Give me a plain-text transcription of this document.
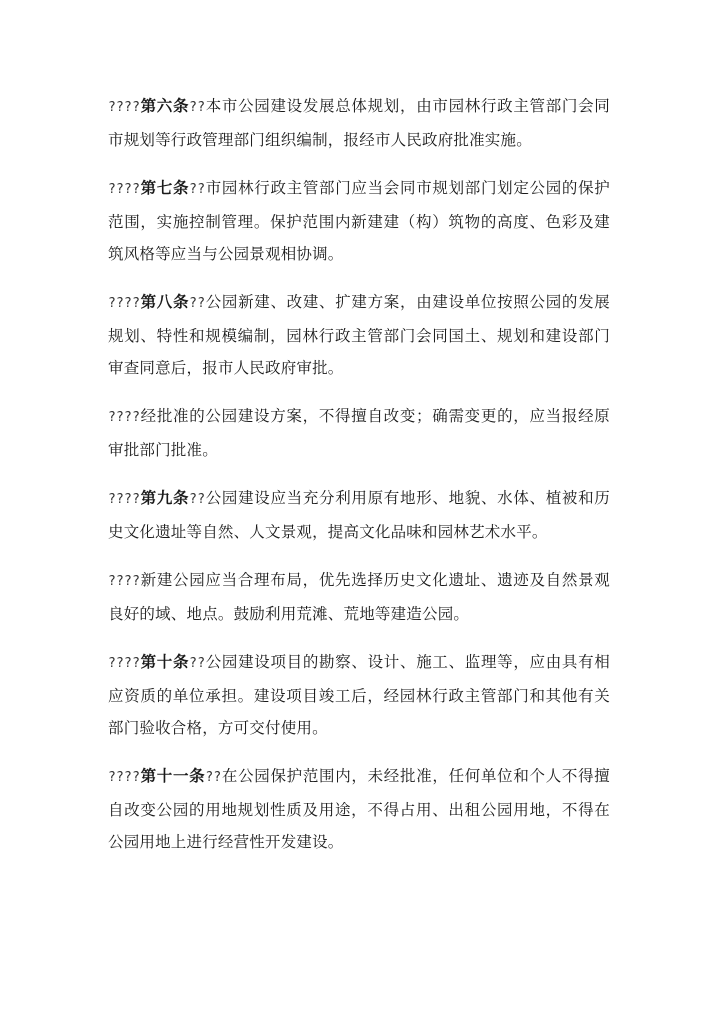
????第六条??本市公园建设发展总体规划，由市园林行政主管部门会同市规划等行政管理部门组织编制，报经市人民政府批准实施。

????第七条??市园林行政主管部门应当会同市规划部门划定公园的保护范围，实施控制管理。保护范围内新建建（构）筑物的高度、色彩及建筑风格等应当与公园景观相协调。

????第八条??公园新建、改建、扩建方案，由建设单位按照公园的发展规划、特性和规模编制，园林行政主管部门会同国土、规划和建设部门审查同意后，报市人民政府审批。

????经批准的公园建设方案，不得擅自改变；确需变更的，应当报经原审批部门批准。

????第九条??公园建设应当充分利用原有地形、地貌、水体、植被和历史文化遗址等自然、人文景观，提高文化品味和园林艺术水平。

????新建公园应当合理布局，优先选择历史文化遗址、遗迹及自然景观良好的域、地点。鼓励利用荒滩、荒地等建造公园。

????第十条??公园建设项目的勘察、设计、施工、监理等，应由具有相应资质的单位承担。建设项目竣工后，经园林行政主管部门和其他有关部门验收合格，方可交付使用。

????第十一条??在公园保护范围内，未经批准，任何单位和个人不得擅自改变公园的用地规划性质及用途，不得占用、出租公园用地，不得在公园用地上进行经营性开发建设。
